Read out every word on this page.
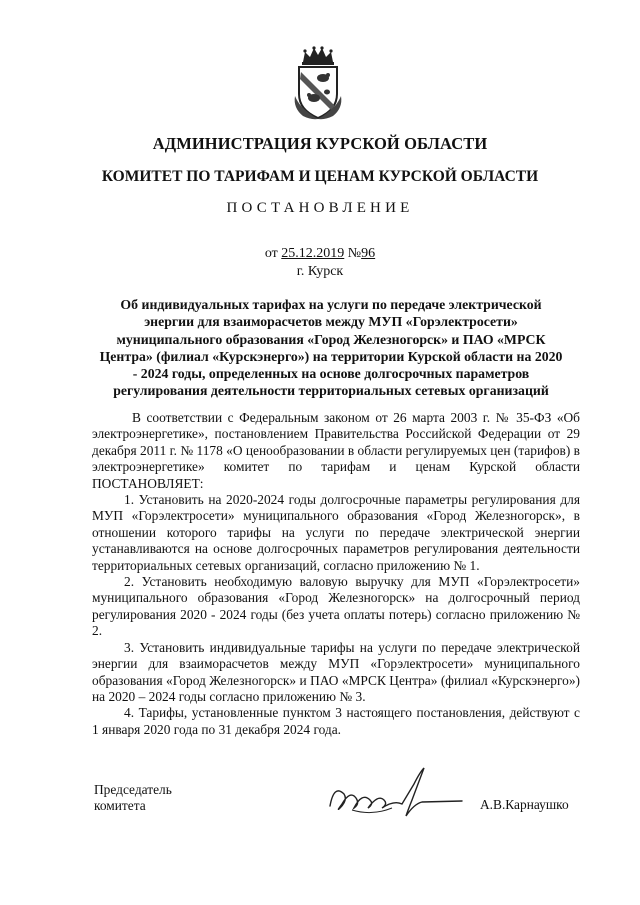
АДМИНИСТРАЦИЯ КУРСКОЙ ОБЛАСТИ
КОМИТЕТ ПО ТАРИФАМ И ЦЕНАМ КУРСКОЙ ОБЛАСТИ
ПОСТАНОВЛЕНИЕ
от 25.12.2019 №96
г. Курск
Об индивидуальных тарифах на услуги по передаче электрической энергии для взаиморасчетов между МУП «Горэлектросети» муниципального образования «Город Железногорск» и ПАО «МРСК Центра» (филиал «Курскэнерго») на территории Курской области на 2020 - 2024 годы, определенных на основе долгосрочных параметров регулирования деятельности территориальных сетевых организаций

В соответствии с Федеральным законом от 26 марта 2003 г. № 35-ФЗ «Об электроэнергетике», постановлением Правительства Российской Федерации от 29 декабря 2011 г. № 1178 «О ценообразовании в области регулируемых цен (тарифов) в электроэнергетике» комитет по тарифам и ценам Курской области ПОСТАНОВЛЯЕТ:

1. Установить на 2020-2024 годы долгосрочные параметры регулирования для МУП «Горэлектросети» муниципального образования «Город Железногорск», в отношении которого тарифы на услуги по передаче электрической энергии устанавливаются на основе долгосрочных параметров регулирования деятельности территориальных сетевых организаций, согласно приложению № 1.

2. Установить необходимую валовую выручку для МУП «Горэлектросети» муниципального образования «Город Железногорск» на долгосрочный период регулирования 2020 - 2024 годы (без учета оплаты потерь) согласно приложению № 2.

3. Установить индивидуальные тарифы на услуги по передаче электрической энергии для взаиморасчетов между МУП «Горэлектросети» муниципального образования «Город Железногорск» и ПАО «МРСК Центра» (филиал «Курскэнерго») на 2020 – 2024 годы согласно приложению № 3.

4. Тарифы, установленные пунктом 3 настоящего постановления, действуют с 1 января 2020 года по 31 декабря 2024 года.

Председатель
комитета	А.В.Карнаушко
